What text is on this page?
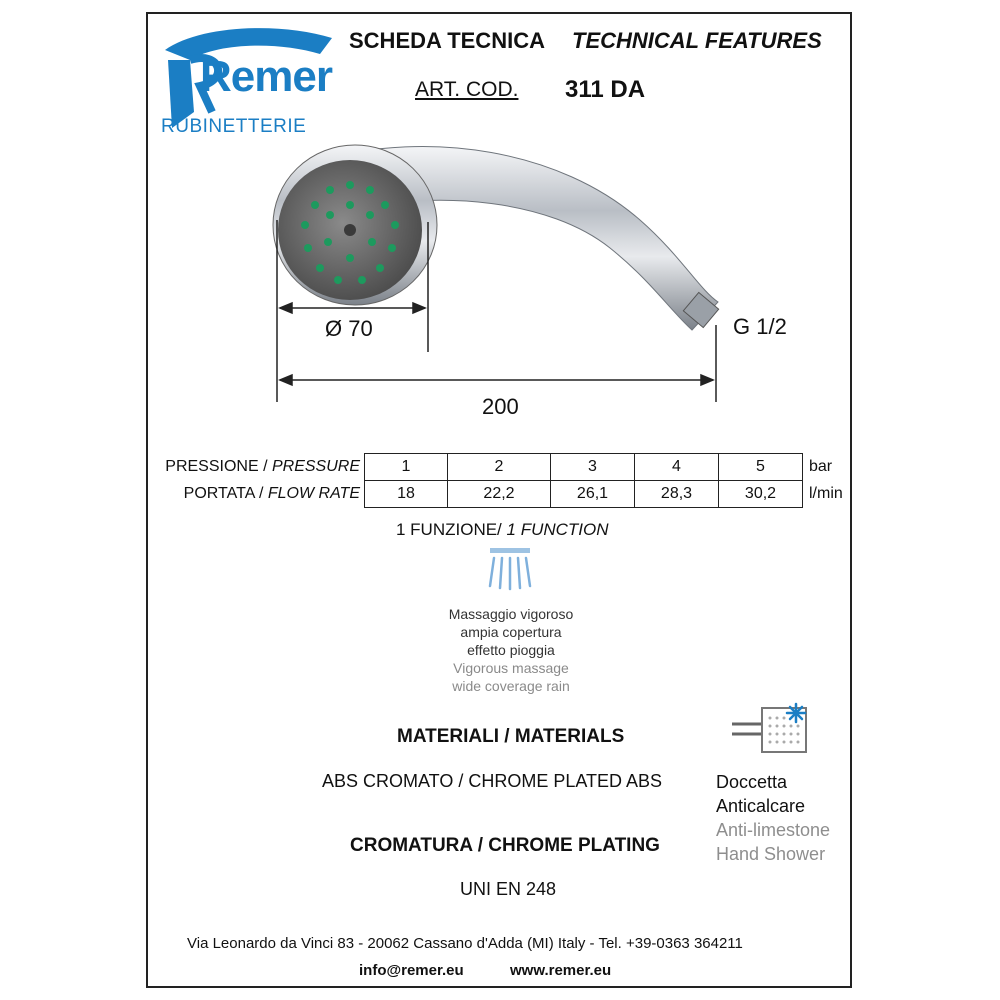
Remer
RUBINETTERIE
SCHEDA TECNICA TECHNICAL FEATURES
ART. COD. 311 DA
Ø 70	G 1/2
200
PRESSIONE / PRESSURE	1	2	3	4	5	bar
PORTATA / FLOW RATE	18	22,2	26,1	28,3	30,2	l/min
1 FUNZIONE/ 1 FUNCTION
Massaggio vigoroso
ampia copertura
effetto pioggia
Vigorous massage
wide coverage rain
MATERIALI / MATERIALS
ABS CROMATO / CHROME PLATED ABS
CROMATURA / CHROME PLATING
UNI EN 248
Doccetta
Anticalcare
Anti-limestone
Hand Shower
Via Leonardo da Vinci 83 - 20062 Cassano d'Adda (MI) Italy - Tel. +39-0363 364211
info@remer.eu	www.remer.eu
